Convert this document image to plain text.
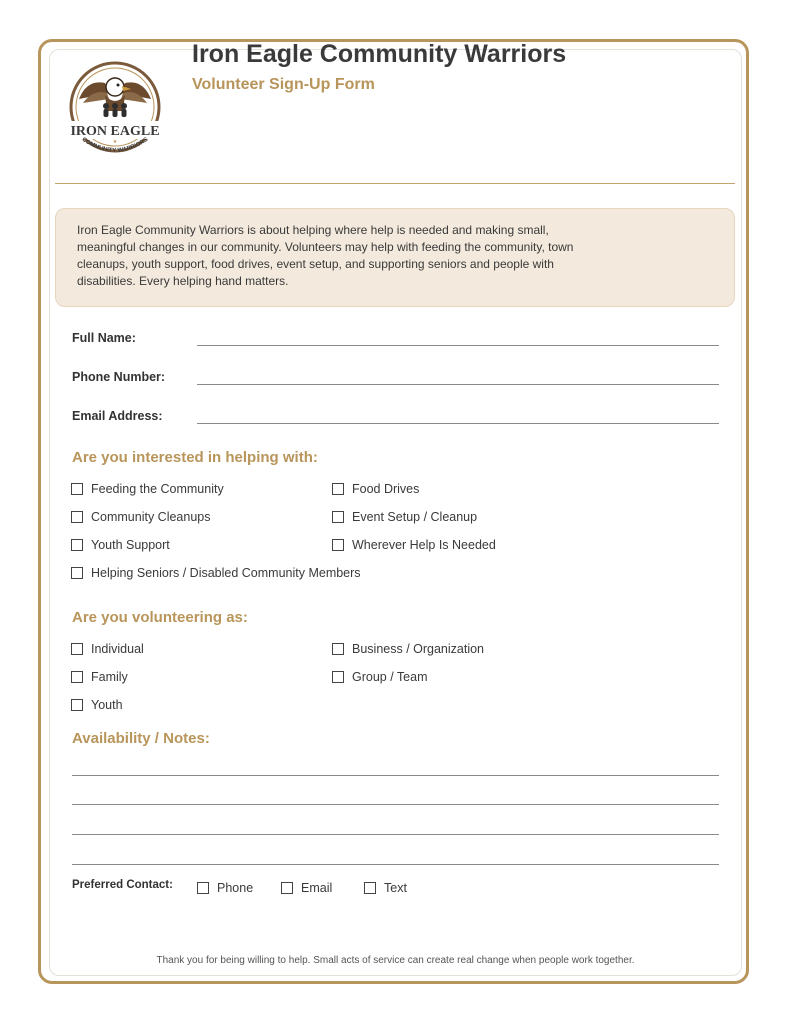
IRON EAGLE
★
COMMUNITY WARRIORS
Iron Eagle Community Warriors
Volunteer Sign-Up Form
Iron Eagle Community Warriors is about helping where help is needed and making small, meaningful changes in our community. Volunteers may help with feeding the community, town cleanups, youth support, food drives, event setup, and supporting seniors and people with disabilities. Every helping hand matters.
Full Name:
Phone Number:
Email Address:
Are you interested in helping with:
Feeding the Community	Food Drives
Community Cleanups	Event Setup / Cleanup
Youth Support	Wherever Help Is Needed
Helping Seniors / Disabled Community Members
Are you volunteering as:
Individual	Business / Organization
Family	Group / Team
Youth
Availability / Notes:
Preferred Contact:	Phone	Email	Text
Thank you for being willing to help. Small acts of service can create real change when people work together.
